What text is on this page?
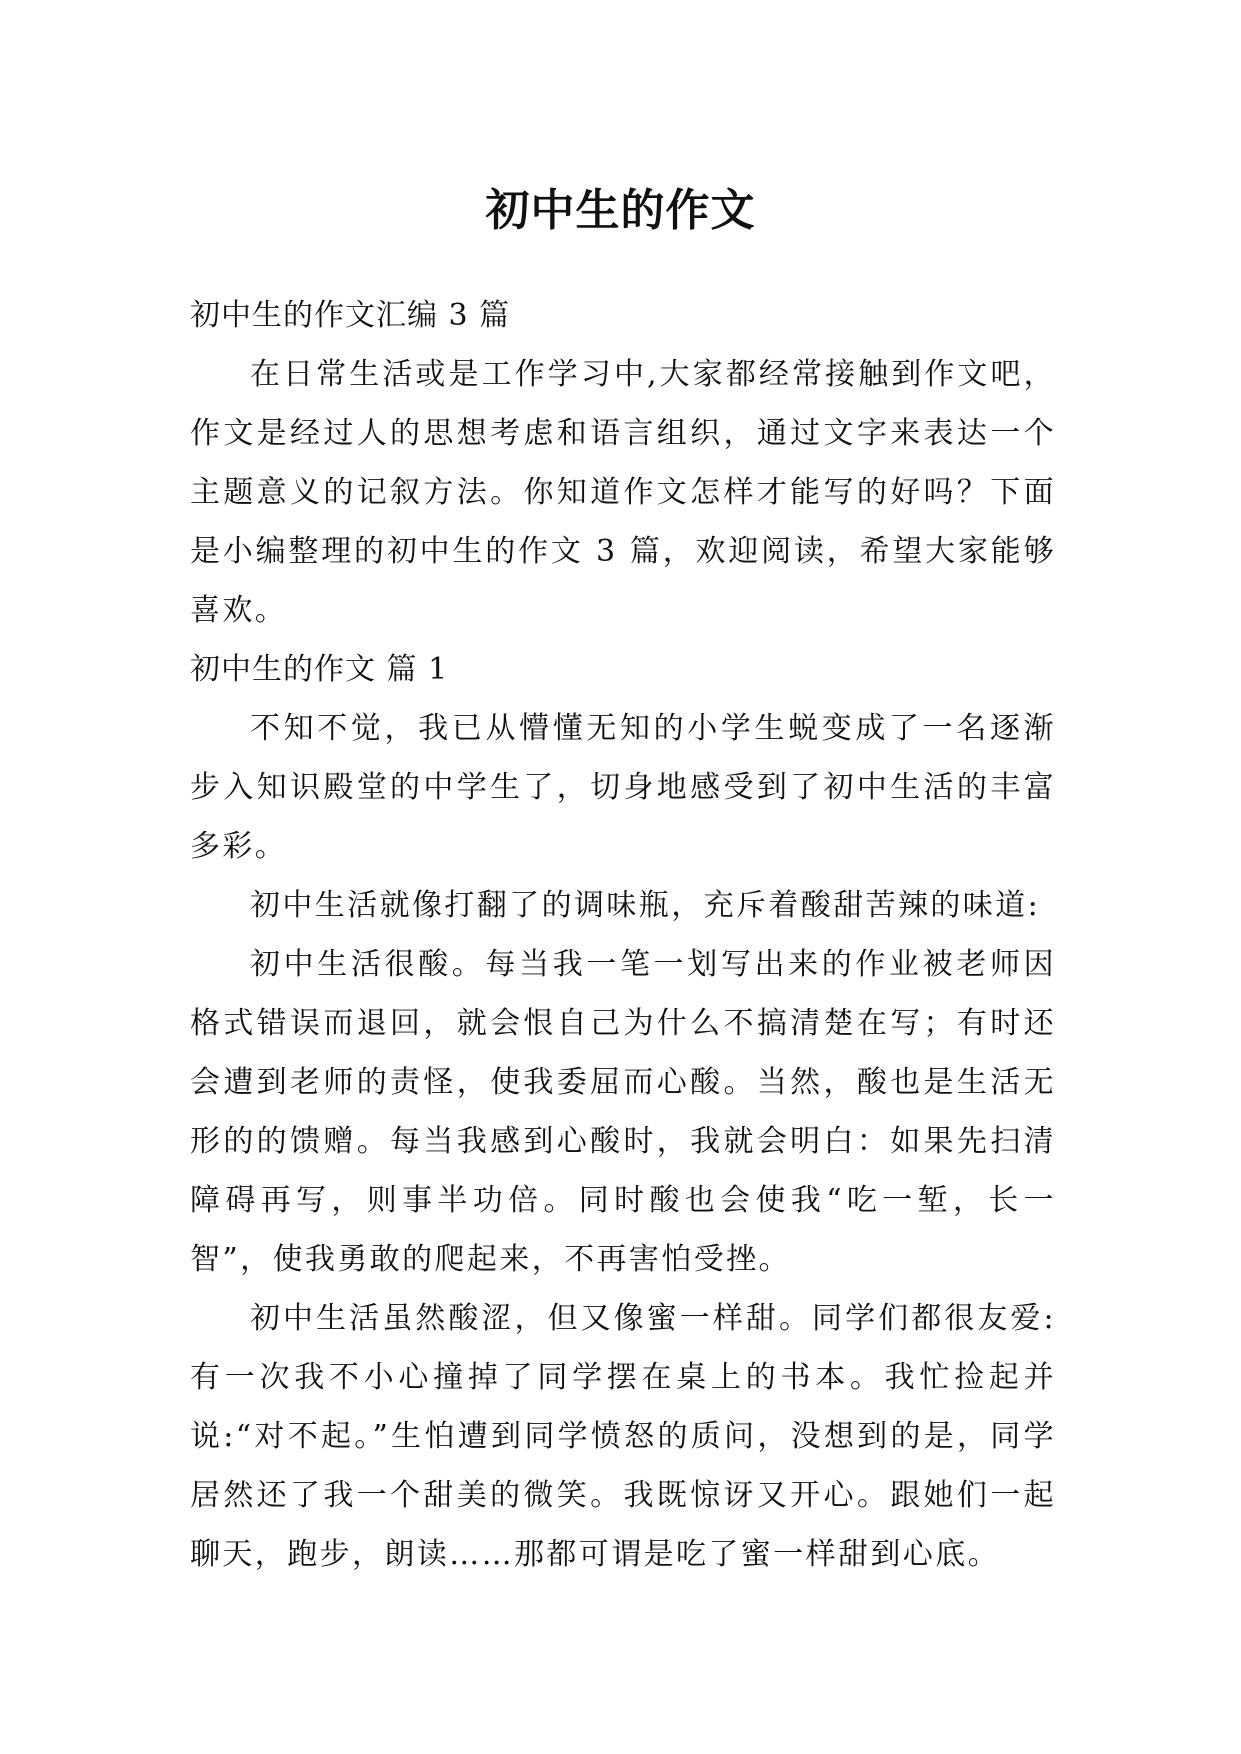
初中生的作文

初中生的作文汇编 3 篇

在日常生活或是工作学习中,大家都经常接触到作文吧，作文是经过人的思想考虑和语言组织，通过文字来表达一个主题意义的记叙方法。你知道作文怎样才能写的好吗？下面是小编整理的初中生的作文 3 篇，欢迎阅读，希望大家能够喜欢。

初中生的作文 篇 1

不知不觉，我已从懵懂无知的小学生蜕变成了一名逐渐步入知识殿堂的中学生了，切身地感受到了初中生活的丰富多彩。

初中生活就像打翻了的调味瓶，充斥着酸甜苦辣的味道:

初中生活很酸。每当我一笔一划写出来的作业被老师因格式错误而退回，就会恨自己为什么不搞清楚在写；有时还会遭到老师的责怪，使我委屈而心酸。当然，酸也是生活无形的的馈赠。每当我感到心酸时，我就会明白：如果先扫清障碍再写，则事半功倍。同时酸也会使我“吃一堑，长一智”，使我勇敢的爬起来，不再害怕受挫。

初中生活虽然酸涩，但又像蜜一样甜。同学们都很友爱:有一次我不小心撞掉了同学摆在桌上的书本。我忙捡起并说:“对不起。”生怕遭到同学愤怒的质问，没想到的是，同学居然还了我一个甜美的微笑。我既惊讶又开心。跟她们一起聊天，跑步，朗读……那都可谓是吃了蜜一样甜到心底。
